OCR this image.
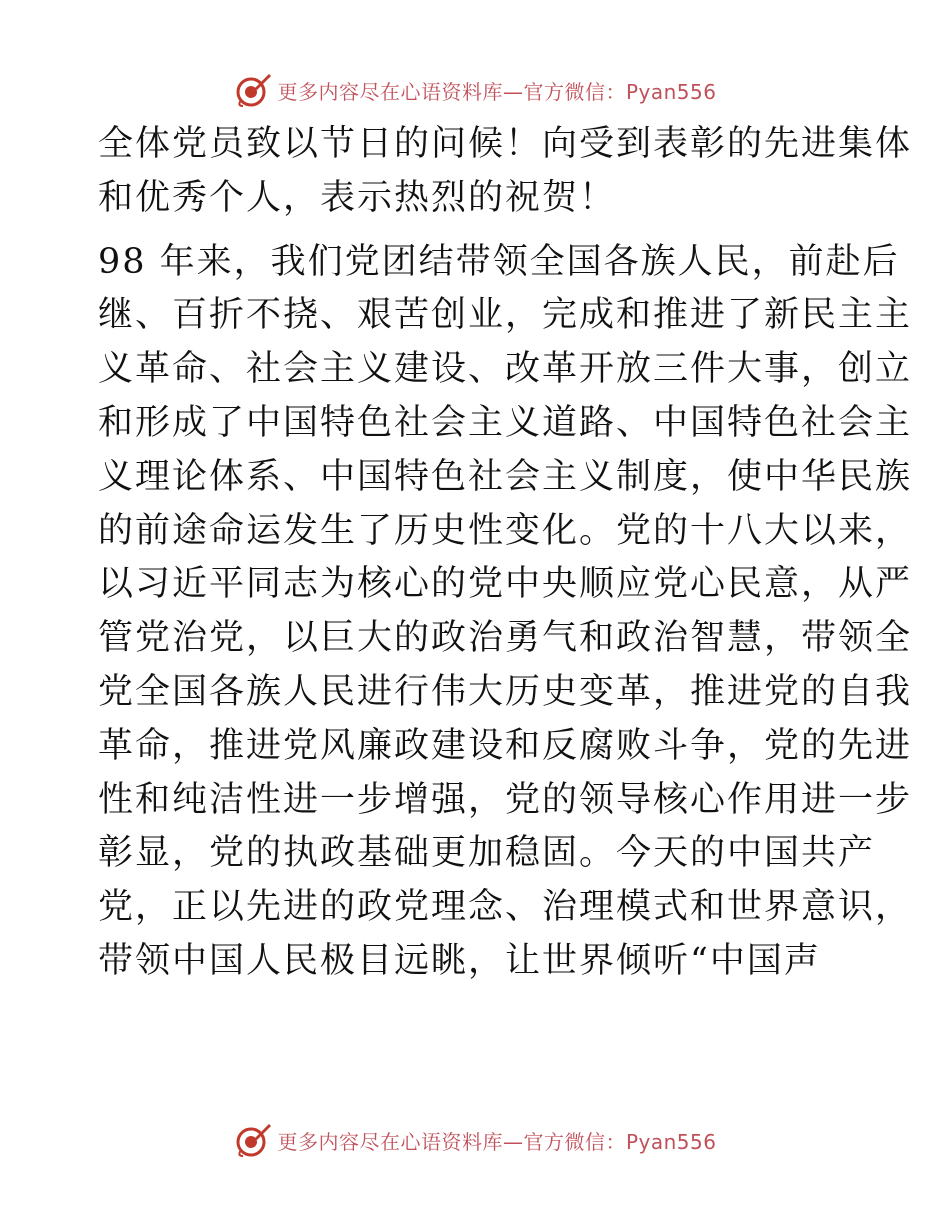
更多内容尽在心语资料库—官方微信：Pyan556

全体党员致以节日的问候！向受到表彰的先进集体
和优秀个人，表示热烈的祝贺！

98 年来，我们党团结带领全国各族人民，前赴后
继、百折不挠、艰苦创业，完成和推进了新民主主
义革命、社会主义建设、改革开放三件大事，创立
和形成了中国特色社会主义道路、中国特色社会主
义理论体系、中国特色社会主义制度，使中华民族
的前途命运发生了历史性变化。党的十八大以来，
以习近平同志为核心的党中央顺应党心民意，从严
管党治党，以巨大的政治勇气和政治智慧，带领全
党全国各族人民进行伟大历史变革，推进党的自我
革命，推进党风廉政建设和反腐败斗争，党的先进
性和纯洁性进一步增强，党的领导核心作用进一步
彰显，党的执政基础更加稳固。今天的中国共产
党，正以先进的政党理念、治理模式和世界意识，
带领中国人民极目远眺，让世界倾听“中国声

更多内容尽在心语资料库—官方微信：Pyan556
